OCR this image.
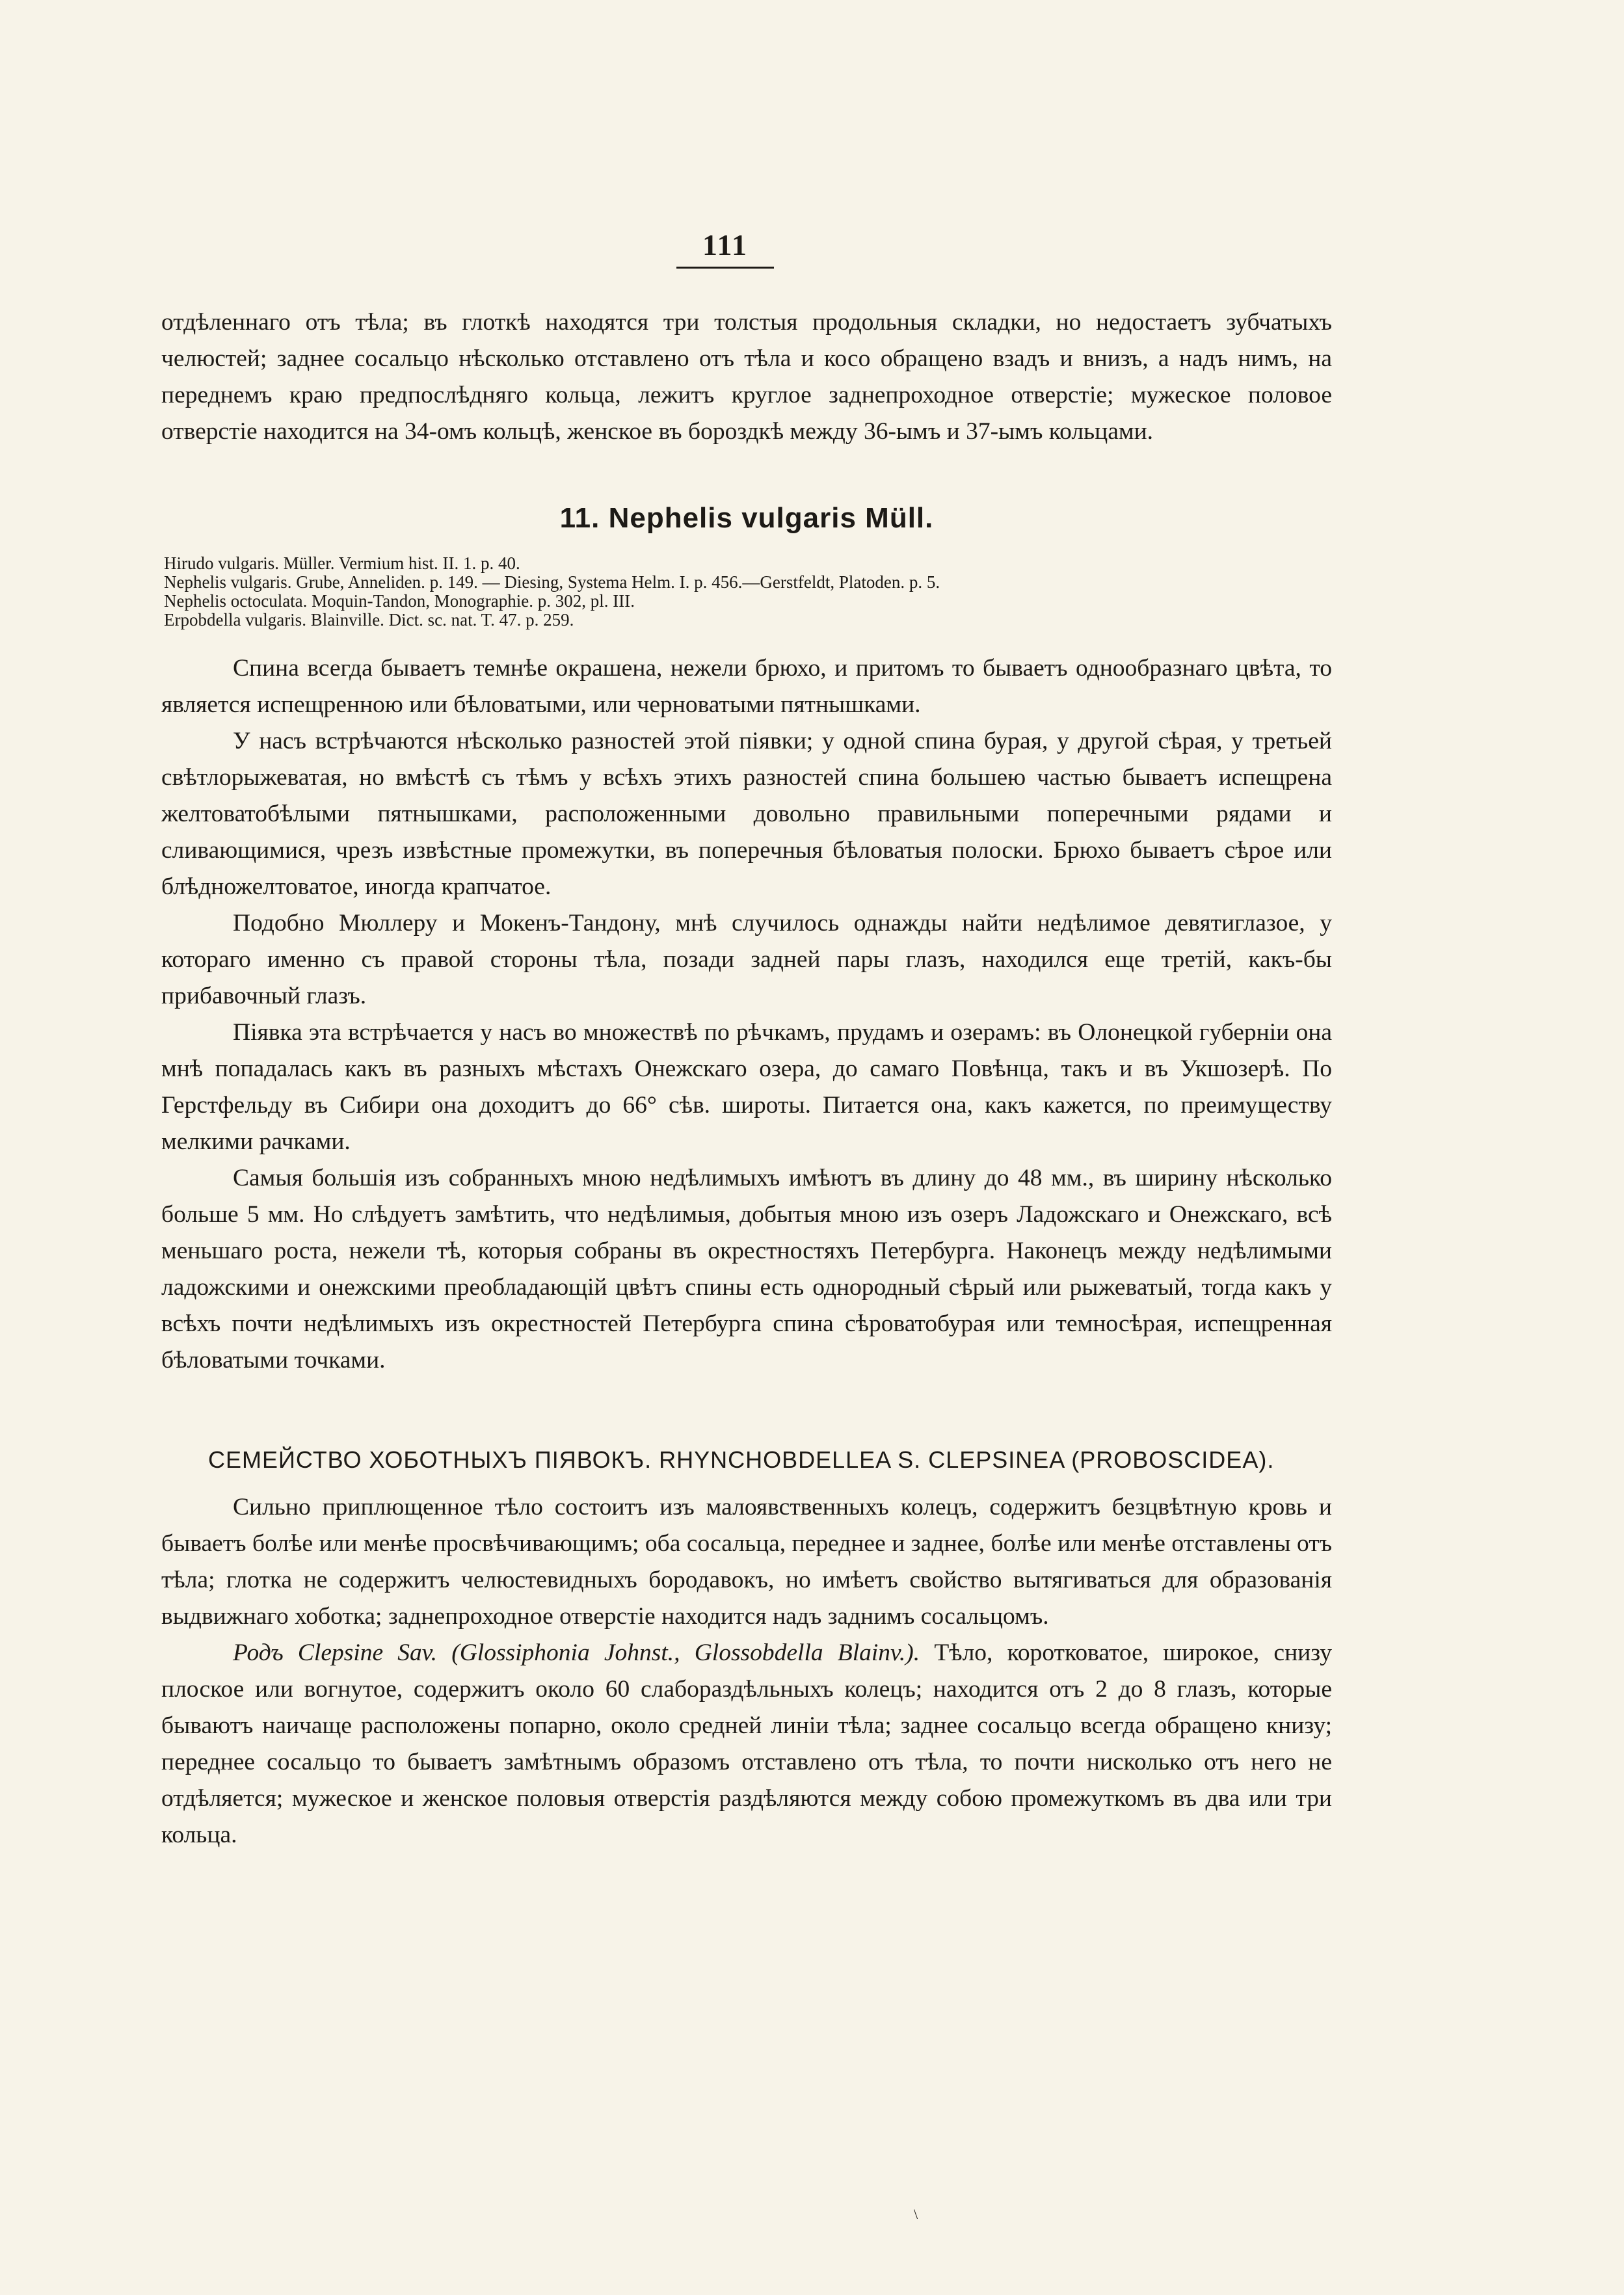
111

отдѣленнаго отъ тѣла; въ глоткѣ находятся три толстыя продольныя складки, но недостаетъ зубчатыхъ челюстей; заднее сосальцо нѣсколько отставлено отъ тѣла и косо обращено взадъ и внизъ, а надъ нимъ, на переднемъ краю предпослѣдняго кольца, лежитъ круглое заднепроходное отверстіе; мужеское половое отверстіе находится на 34-омъ кольцѣ, женское въ бороздкѣ между 36-ымъ и 37-ымъ кольцами.

11. Nephelis vulgaris Müll.
Hirudo vulgaris. Müller. Vermium hist. II. 1. p. 40.
Nephelis vulgaris. Grube, Anneliden. p. 149. — Diesing, Systema Helm. I. p. 456.—Gerstfeldt, Platoden. p. 5.
Nephelis octoculata. Moquin-Tandon, Monographie. p. 302, pl. III.
Erpobdella vulgaris. Blainville. Dict. sc. nat. T. 47. p. 259.

Спина всегда бываетъ темнѣе окрашена, нежели брюхо, и притомъ то бываетъ однообразнаго цвѣта, то является испещренною или бѣловатыми, или черноватыми пятнышками.

У насъ встрѣчаются нѣсколько разностей этой піявки; у одной спина бурая, у другой сѣрая, у третьей свѣтлорыжеватая, но вмѣстѣ съ тѣмъ у всѣхъ этихъ разностей спина большею частью бываетъ испещрена желтоватобѣлыми пятнышками, расположенными довольно правильными поперечными рядами и сливающимися, чрезъ извѣстные промежутки, въ поперечныя бѣловатыя полоски. Брюхо бываетъ сѣрое или блѣдножелтоватое, иногда крапчатое.

Подобно Мюллеру и Мокенъ-Тандону, мнѣ случилось однажды найти недѣлимое девятиглазое, у котораго именно съ правой стороны тѣла, позади задней пары глазъ, находился еще третій, какъ-бы прибавочный глазъ.

Піявка эта встрѣчается у насъ во множествѣ по рѣчкамъ, прудамъ и озерамъ: въ Олонецкой губерніи она мнѣ попадалась какъ въ разныхъ мѣстахъ Онежскаго озера, до самаго Повѣнца, такъ и въ Укшозерѣ. По Герстфельду въ Сибири она доходитъ до 66° сѣв. широты. Питается она, какъ кажется, по преимуществу мелкими рачками.

Самыя большія изъ собранныхъ мною недѣлимыхъ имѣютъ въ длину до 48 мм., въ ширину нѣсколько больше 5 мм. Но слѣдуетъ замѣтить, что недѣлимыя, добытыя мною изъ озеръ Ладожскаго и Онежскаго, всѣ меньшаго роста, нежели тѣ, которыя собраны въ окрестностяхъ Петербурга. Наконецъ между недѣлимыми ладожскими и онежскими преобладающій цвѣтъ спины есть однородный сѣрый или рыжеватый, тогда какъ у всѣхъ почти недѣлимыхъ изъ окрестностей Петербурга спина сѣроватобурая или темносѣрая, испещренная бѣловатыми точками.

СЕМЕЙСТВО ХОБОТНЫХЪ ПІЯВОКЪ. RHYNCHOBDELLEA S. CLEPSINEA (PROBOSCIDEA).

Сильно приплющенное тѣло состоитъ изъ малоявственныхъ колецъ, содержитъ безцвѣтную кровь и бываетъ болѣе или менѣе просвѣчивающимъ; оба сосальца, переднее и заднее, болѣе или менѣе отставлены отъ тѣла; глотка не содержитъ челюстевидныхъ бородавокъ, но имѣетъ свойство вытягиваться для образованія выдвижнаго хоботка; заднепроходное отверстіе находится надъ заднимъ сосальцомъ.

Родъ Clepsine Sav. (Glossiphonia Johnst., Glossobdella Blainv.). Тѣло, коротковатое, широкое, снизу плоское или вогнутое, содержитъ около 60 слабораздѣльныхъ колецъ; находится отъ 2 до 8 глазъ, которые бываютъ наичаще расположены попарно, около средней линіи тѣла; заднее сосальцо всегда обращено книзу; переднее сосальцо то бываетъ замѣтнымъ образомъ отставлено отъ тѣла, то почти нисколько отъ него не отдѣляется; мужеское и женское половыя отверстія раздѣляются между собою промежуткомъ въ два или три кольца.

\
